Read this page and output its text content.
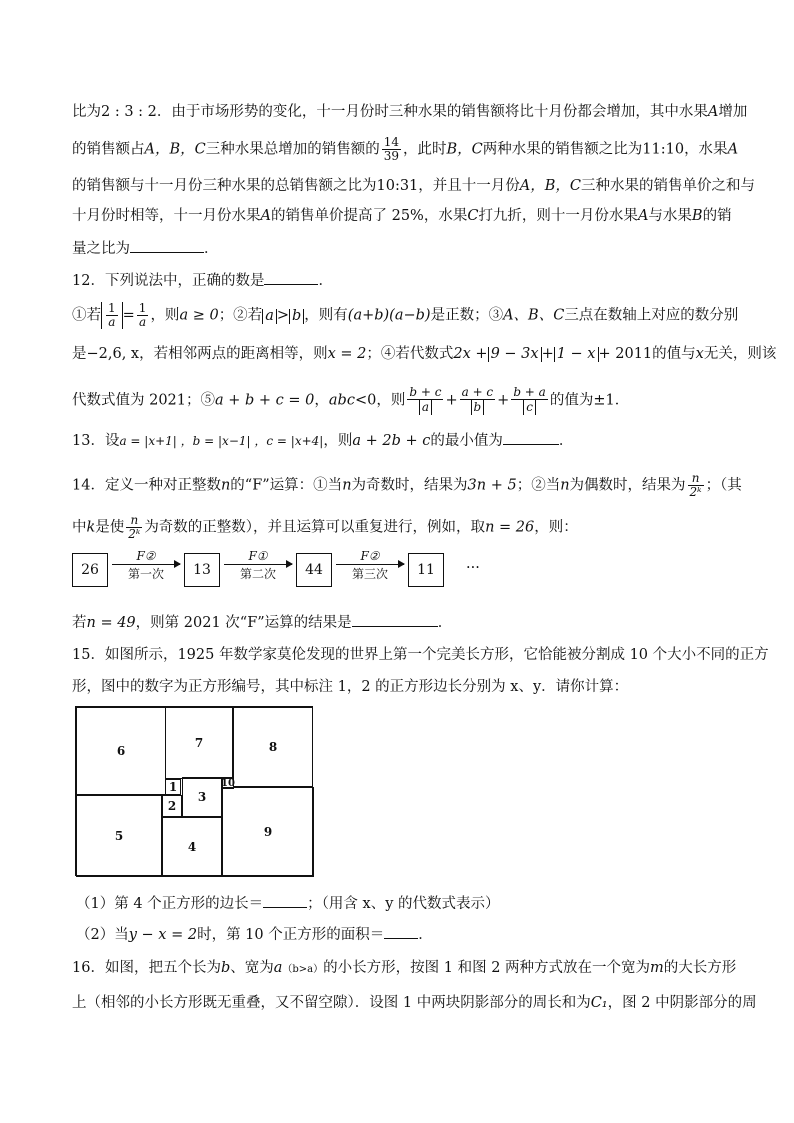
比为2 : 3 : 2．由于市场形势的变化，十一月份时三种水果的销售额将比十月份都会增加，其中水果A增加
的销售额占A，B，C三种水果总增加的销售额的 $\frac{14}{39}$ ，此时B，C两种水果的销售额之比为11:10，水果A
的销售额与十一月份三种水果的总销售额之比为10:31，并且十一月份A，B，C三种水果的销售单价之和与
十月份时相等，十一月份水果A的销售单价提高了 25%，水果C打九折，则十一月份水果A与水果B的销
量之比为	．
12．下列说法中，正确的数是	．
①若 $\frac{1}{a} = \frac{1}{a}$ ，则a ≥ 0；②若 a > b ，则有(a+b)(a−b)是正数；③A、B、C三点在数轴上对应的数分别
是−2,6, x，若相邻两点的距离相等，则x = 2；④若代数式2x + 9 − 3x + 1 − x + 2011的值与x无关，则该
代数式值为 2021；⑤a + b + c = 0，abc<0，则 $\frac{b + c}{a} + \frac{a + c}{b} + \frac{b + a}{c}$ 的值为±1．
13．设a = |x+1| ，b = |x−1| ，c = |x+4|，则a + 2b + c的最小值为	．
14．定义一种对正整数n的“F”运算：①当n为奇数时，结果为3n + 5；②当n为偶数时，结果为 $\frac{n}{\text{2ᵏ}}$ ；（其
中k是使 $\frac{n}{\text{2ᵏ}}$ 为奇数的正整数），并且运算可以重复进行，例如，取n = 26，则：
26
F②
第一次	13
F①
第二次	44
F②
第三次	11	···
若n = 49，则第 2021 次“F”运算的结果是	．
15．如图所示，1925 年数学家莫伦发现的世界上第一个完美长方形，它恰能被分割成 10 个大小不同的正方
形，图中的数字为正方形编号，其中标注 1，2 的正方形边长分别为 x、y．请你计算：
6
7	8
1
3
10
2
5
4
9
（1）第 4 个正方形的边长＝	；（用含 x、y 的代数式表示）
（2）当y − x = 2时，第 10 个正方形的面积＝ ．
16．如图，把五个长为b、宽为a（b>a）的小长方形，按图 1 和图 2 两种方式放在一个宽为m的大长方形
上（相邻的小长方形既无重叠，又不留空隙）．设图 1 中两块阴影部分的周长和为C₁，图 2 中阴影部分的周
